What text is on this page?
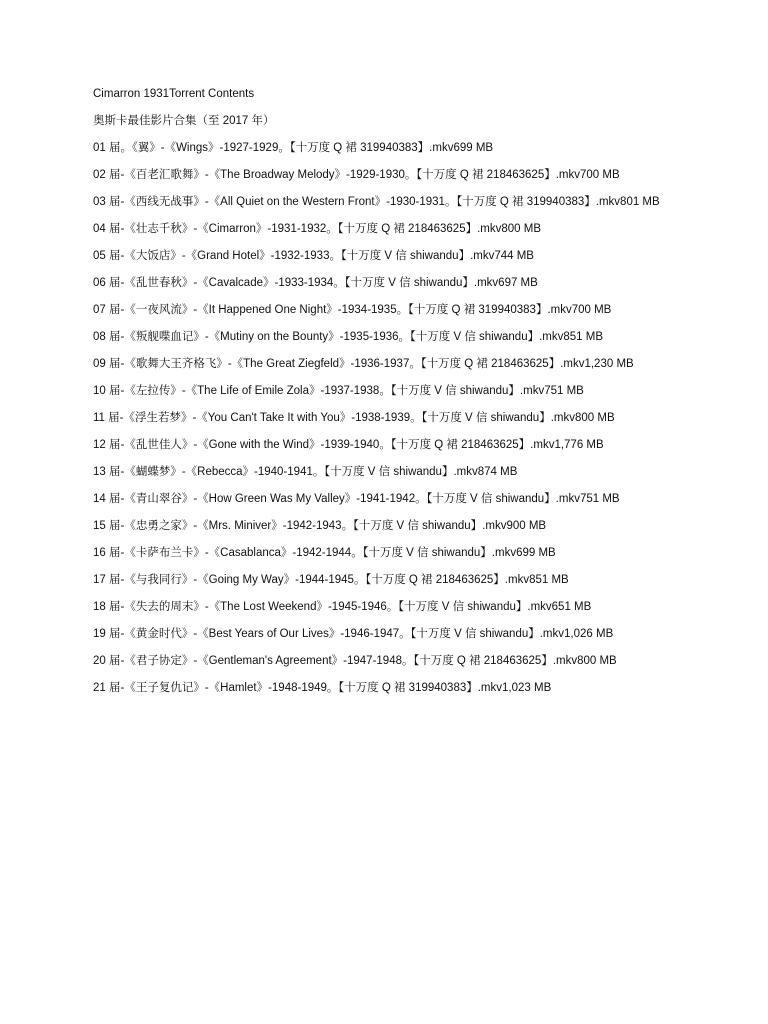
Cimarron 1931Torrent Contents

奥斯卡最佳影片合集（至 2017 年）

01 届。《翼》-《Wings》-1927-1929。【十万度 Q 裙 319940383】.mkv699 MB

02 届-《百老汇歌舞》-《The Broadway Melody》-1929-1930。【十万度 Q 裙 218463625】.mkv700 MB

03 届-《西线无战事》-《All Quiet on the Western Front》-1930-1931。【十万度 Q 裙 319940383】.mkv801 MB

04 届-《壮志千秋》-《Cimarron》-1931-1932。【十万度 Q 裙 218463625】.mkv800 MB

05 届-《大饭店》-《Grand Hotel》-1932-1933。【十万度 V 信 shiwandu】.mkv744 MB

06 届-《乱世春秋》-《Cavalcade》-1933-1934。【十万度 V 信 shiwandu】.mkv697 MB

07 届-《一夜风流》-《It Happened One Night》-1934-1935。【十万度 Q 裙 319940383】.mkv700 MB

08 届-《叛舰喋血记》-《Mutiny on the Bounty》-1935-1936。【十万度 V 信 shiwandu】.mkv851 MB

09 届-《歌舞大王齐格飞》-《The Great Ziegfeld》-1936-1937。【十万度 Q 裙 218463625】.mkv1,230 MB

10 届-《左拉传》-《The Life of Emile Zola》-1937-1938。【十万度 V 信 shiwandu】.mkv751 MB

11 届-《浮生若梦》-《You Can't Take It with You》-1938-1939。【十万度 V 信 shiwandu】.mkv800 MB

12 届-《乱世佳人》-《Gone with the Wind》-1939-1940。【十万度 Q 裙 218463625】.mkv1,776 MB

13 届-《蝴蝶梦》-《Rebecca》-1940-1941。【十万度 V 信 shiwandu】.mkv874 MB

14 届-《青山翠谷》-《How Green Was My Valley》-1941-1942。【十万度 V 信 shiwandu】.mkv751 MB

15 届-《忠勇之家》-《Mrs. Miniver》-1942-1943。【十万度 V 信 shiwandu】.mkv900 MB

16 届-《卡萨布兰卡》-《Casablanca》-1942-1944。【十万度 V 信 shiwandu】.mkv699 MB

17 届-《与我同行》-《Going My Way》-1944-1945。【十万度 Q 裙 218463625】.mkv851 MB

18 届-《失去的周末》-《The Lost Weekend》-1945-1946。【十万度 V 信 shiwandu】.mkv651 MB

19 届-《黄金时代》-《Best Years of Our Lives》-1946-1947。【十万度 V 信 shiwandu】.mkv1,026 MB

20 届-《君子协定》-《Gentleman's Agreement》-1947-1948。【十万度 Q 裙 218463625】.mkv800 MB

21 届-《王子复仇记》-《Hamlet》-1948-1949。【十万度 Q 裙 319940383】.mkv1,023 MB
